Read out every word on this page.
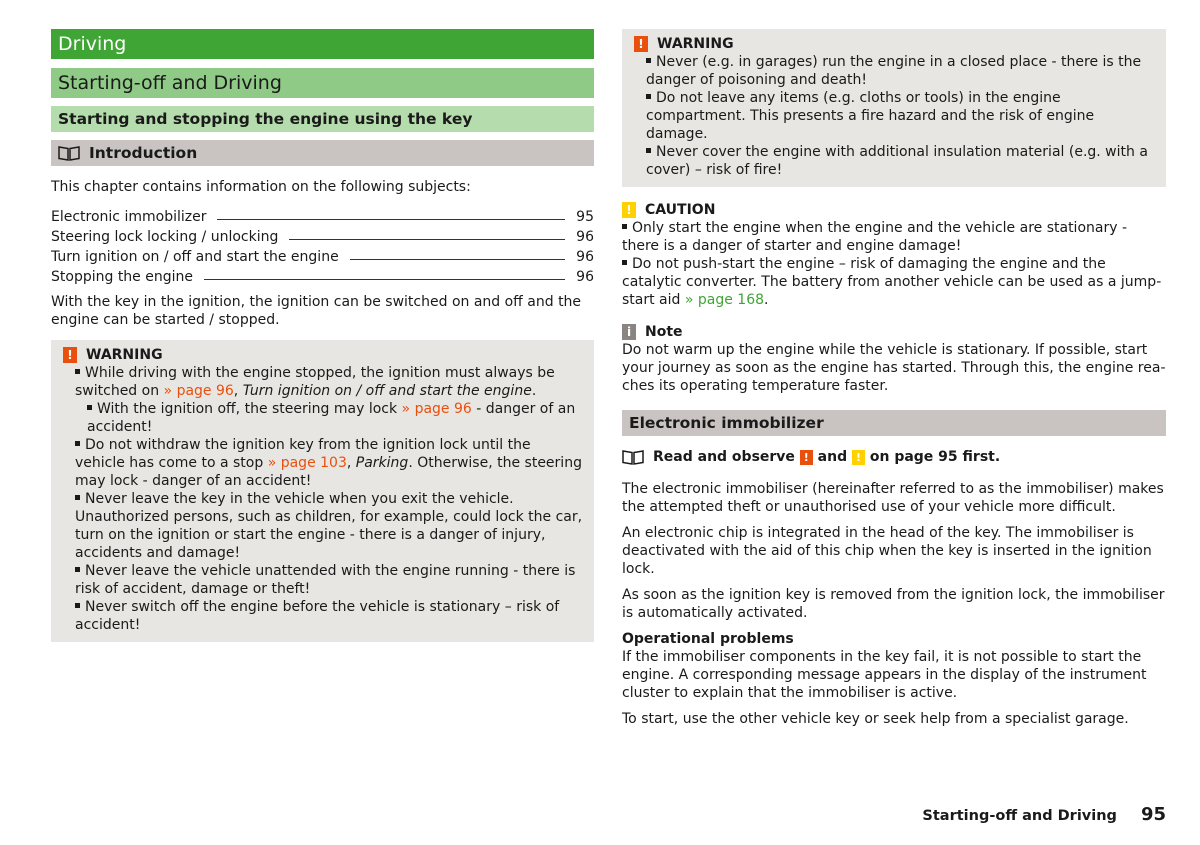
Driving
Starting-off and Driving
Starting and stopping the engine using the key
Introduction

This chapter contains information on the following subjects:

Electronic immobilizer	95
Steering lock locking / unlocking	96
Turn ignition on / off and start the engine	96
Stopping the engine	96

With the key in the ignition, the ignition can be switched on and off and the engine can be started / stopped.

! WARNING
While driving with the engine stopped, the ignition must always be switched on » page 96, Turn ignition on / off and start the engine.
With the ignition off, the steering may lock » page 96 - danger of an accident!
Do not withdraw the ignition key from the ignition lock until the vehicle has come to a stop » page 103, Parking. Otherwise, the steering may lock - danger of an accident!
Never leave the key in the vehicle when you exit the vehicle. Unauthorized persons, such as children, for example, could lock the car, turn on the ignition or start the engine - there is a danger of injury, accidents and damage!
Never leave the vehicle unattended with the engine running - there is risk of accident, damage or theft!
Never switch off the engine before the vehicle is stationary – risk of accident!
! WARNING
Never (e.g. in garages) run the engine in a closed place - there is the danger of poisoning and death!
Do not leave any items (e.g. cloths or tools) in the engine compartment. This presents a fire hazard and the risk of engine damage.
Never cover the engine with additional insulation material (e.g. with a cover) – risk of fire!
! CAUTION
Only start the engine when the engine and the vehicle are stationary - there is a danger of starter and engine damage!
Do not push-start the engine – risk of damaging the engine and the catalytic converter. The battery from another vehicle can be used as a jump-start aid » page 168.
i Note

Do not warm up the engine while the vehicle is stationary. If possible, start your journey as soon as the engine has started. Through this, the engine reaches its operating temperature faster.

Electronic immobilizer
Read and observe
!
and
!
on page 95 first.

The electronic immobiliser (hereinafter referred to as the immobiliser) makes the attempted theft or unauthorised use of your vehicle more difficult.

An electronic chip is integrated in the head of the key. The immobiliser is deactivated with the aid of this chip when the key is inserted in the ignition lock.

As soon as the ignition key is removed from the ignition lock, the immobiliser is automatically activated.

Operational problems

If the immobiliser components in the key fail, it is not possible to start the engine. A corresponding message appears in the display of the instrument cluster to explain that the immobiliser is active.

To start, use the other vehicle key or seek help from a specialist garage.

Starting-off and Driving 95
